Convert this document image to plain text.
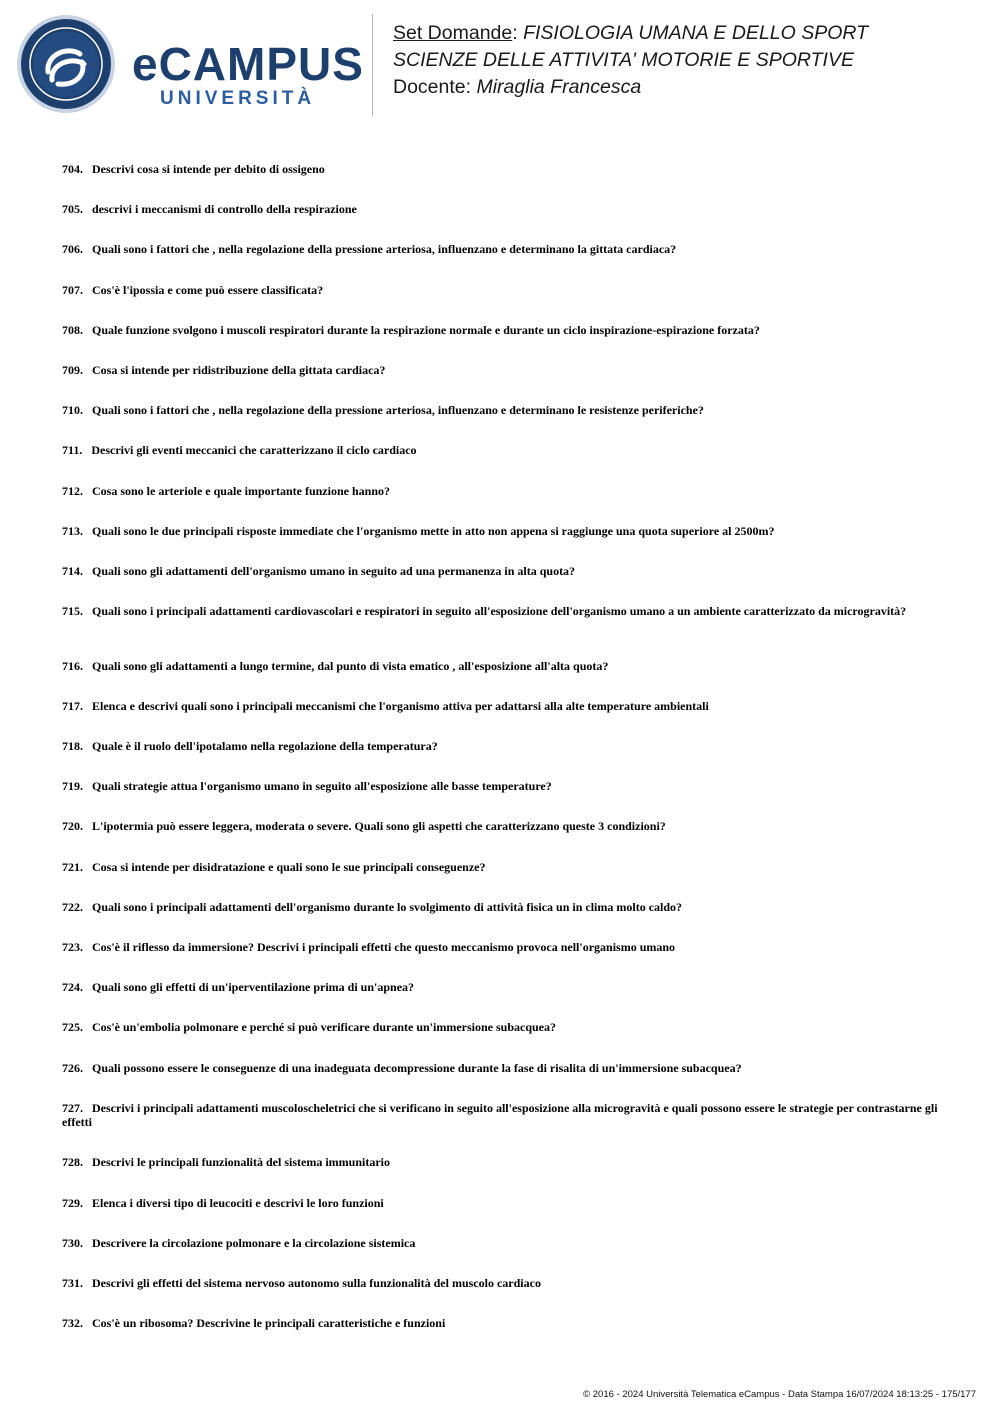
eCAMPUS
UNIVERSITÀ
Set Domande: FISIOLOGIA UMANA E DELLO SPORT
SCIENZE DELLE ATTIVITA' MOTORIE E SPORTIVE
Docente: Miraglia Francesca
704. Descrivi cosa si intende per debito di ossigeno
705. descrivi i meccanismi di controllo della respirazione
706. Quali sono i fattori che , nella regolazione della pressione arteriosa, influenzano e determinano la gittata cardiaca?
707. Cos'è l'ipossia e come può essere classificata?
708. Quale funzione svolgono i muscoli respiratori durante la respirazione normale e durante un ciclo inspirazione-espirazione forzata?
709. Cosa si intende per ridistribuzione della gittata cardiaca?
710. Quali sono i fattori che , nella regolazione della pressione arteriosa, influenzano e determinano le resistenze periferiche?
711. Descrivi gli eventi meccanici che caratterizzano il ciclo cardiaco
712. Cosa sono le arteriole e quale importante funzione hanno?
713. Quali sono le due principali risposte immediate che l'organismo mette in atto non appena si raggiunge una quota superiore al 2500m?
714. Quali sono gli adattamenti dell'organismo umano in seguito ad una permanenza in alta quota?
715. Quali sono i principali adattamenti cardiovascolari e respiratori in seguito all'esposizione dell'organismo umano a un ambiente caratterizzato da microgravità?
716. Quali sono gli adattamenti a lungo termine, dal punto di vista ematico , all'esposizione all'alta quota?
717. Elenca e descrivi quali sono i principali meccanismi che l'organismo attiva per adattarsi alla alte temperature ambientali
718. Quale è il ruolo dell'ipotalamo nella regolazione della temperatura?
719. Quali strategie attua l'organismo umano in seguito all'esposizione alle basse temperature?
720. L'ipotermia può essere leggera, moderata o severe. Quali sono gli aspetti che caratterizzano queste 3 condizioni?
721. Cosa si intende per disidratazione e quali sono le sue principali conseguenze?
722. Quali sono i principali adattamenti dell'organismo durante lo svolgimento di attività fisica un in clima molto caldo?
723. Cos'è il riflesso da immersione? Descrivi i principali effetti che questo meccanismo provoca nell'organismo umano
724. Quali sono gli effetti di un'iperventilazione prima di un'apnea?
725. Cos'è un'embolia polmonare e perché si può verificare durante un'immersione subacquea?
726. Quali possono essere le conseguenze di una inadeguata decompressione durante la fase di risalita di un'immersione subacquea?
727. Descrivi i principali adattamenti muscoloscheletrici che si verificano in seguito all'esposizione alla microgravità e quali possono essere le strategie per contrastarne gli effetti
728. Descrivi le principali funzionalità del sistema immunitario
729. Elenca i diversi tipo di leucociti e descrivi le loro funzioni
730. Descrivere la circolazione polmonare e la circolazione sistemica
731. Descrivi gli effetti del sistema nervoso autonomo sulla funzionalità del muscolo cardiaco
732. Cos'è un ribosoma? Descrivine le principali caratteristiche e funzioni
© 2016 - 2024 Università Telematica eCampus - Data Stampa 16/07/2024 18:13:25 - 175/177
